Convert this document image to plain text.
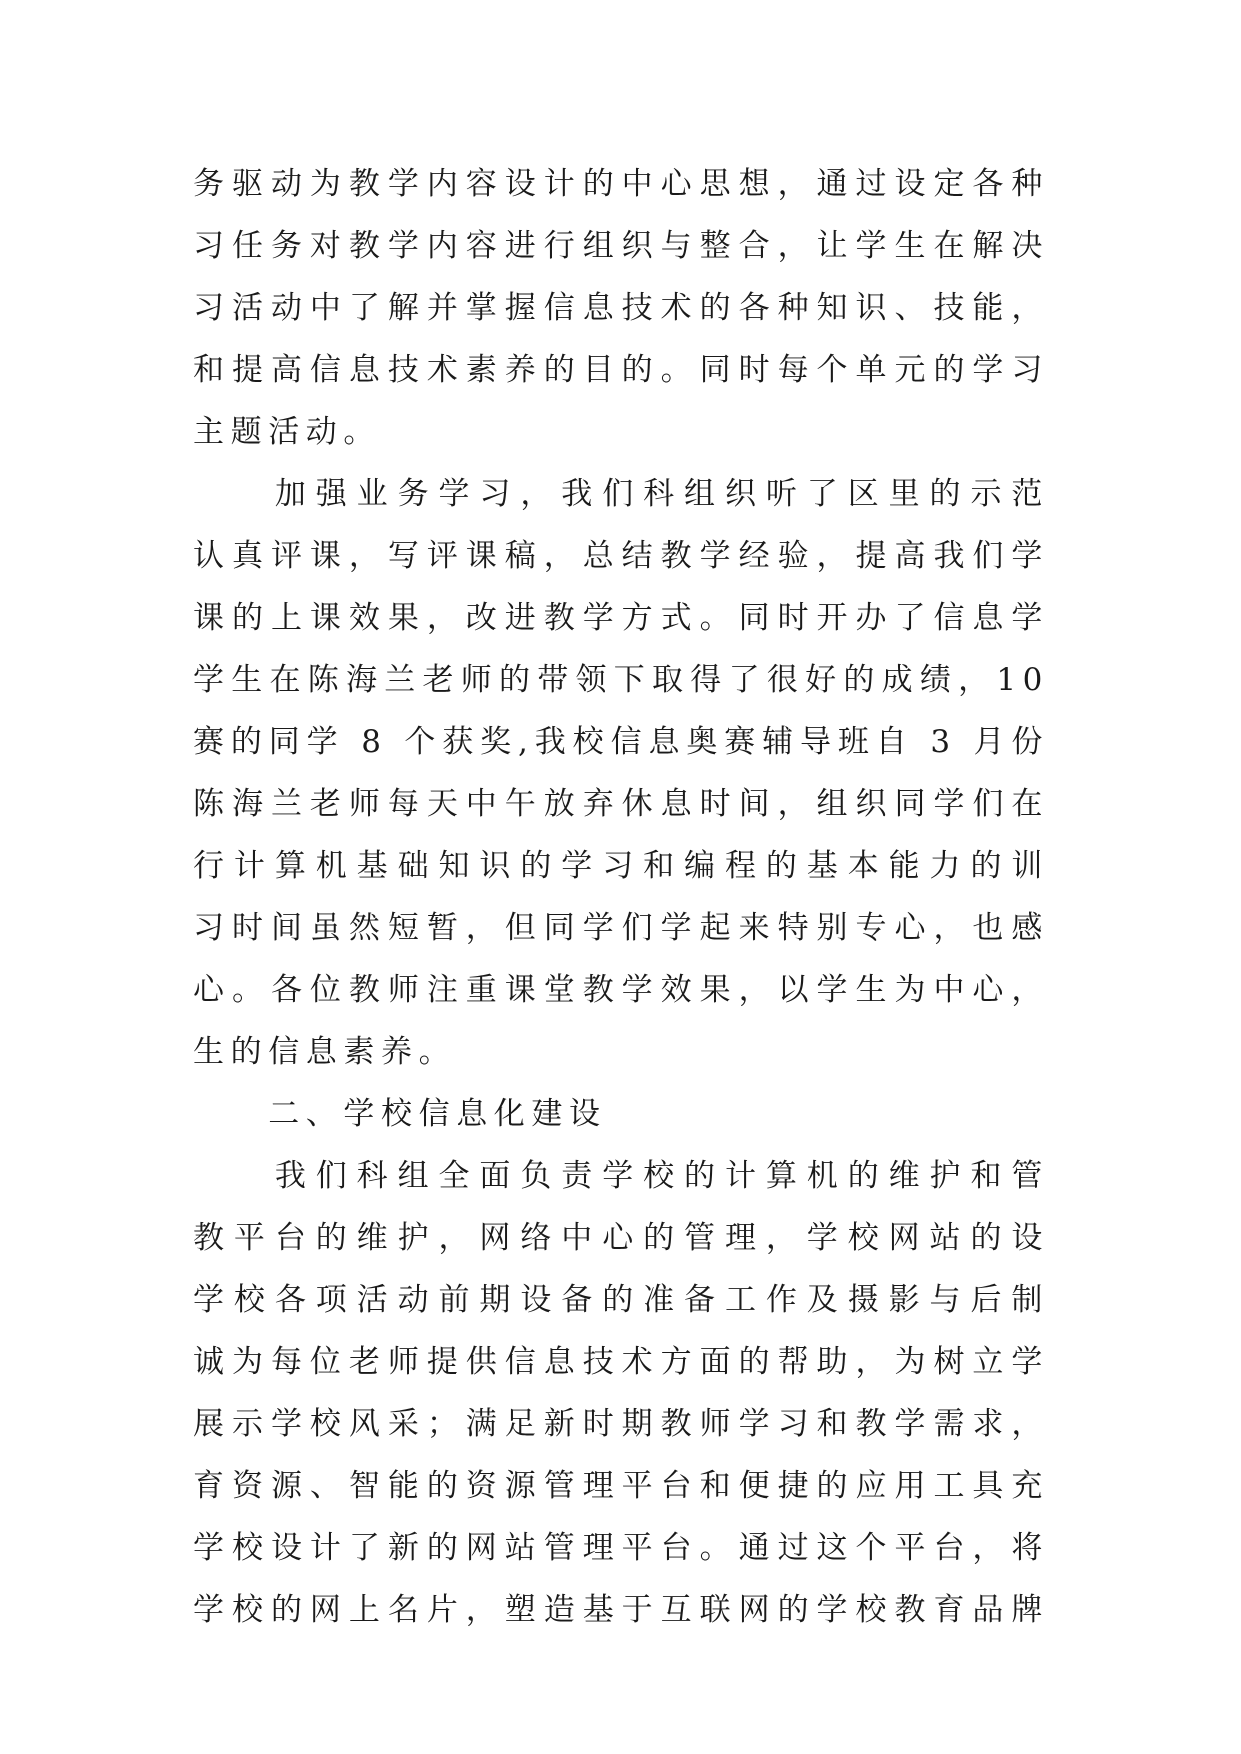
务驱动为教学内容设计的中心思想，通过设定各种
习任务对教学内容进行组织与整合，让学生在解决
习活动中了解并掌握信息技术的各种知识、技能，
和提高信息技术素养的目的。同时每个单元的学习
主题活动。
　　加强业务学习，我们科组织听了区里的示范
认真评课，写评课稿，总结教学经验，提高我们学
课的上课效果，改进教学方式。同时开办了信息学
学生在陈海兰老师的带领下取得了很好的成绩，10
赛的同学 8 个获奖,我校信息奥赛辅导班自 3 月份
陈海兰老师每天中午放弃休息时间，组织同学们在
行计算机基础知识的学习和编程的基本能力的训
习时间虽然短暂，但同学们学起来特别专心，也感
心。各位教师注重课堂教学效果，以学生为中心，
生的信息素养。
　　二、学校信息化建设
　　我们科组全面负责学校的计算机的维护和管
教平台的维护，网络中心的管理，学校网站的设
学校各项活动前期设备的准备工作及摄影与后制
诚为每位老师提供信息技术方面的帮助，为树立学
展示学校风采；满足新时期教师学习和教学需求，
育资源、智能的资源管理平台和便捷的应用工具充
学校设计了新的网站管理平台。通过这个平台，将
学校的网上名片，塑造基于互联网的学校教育品牌
